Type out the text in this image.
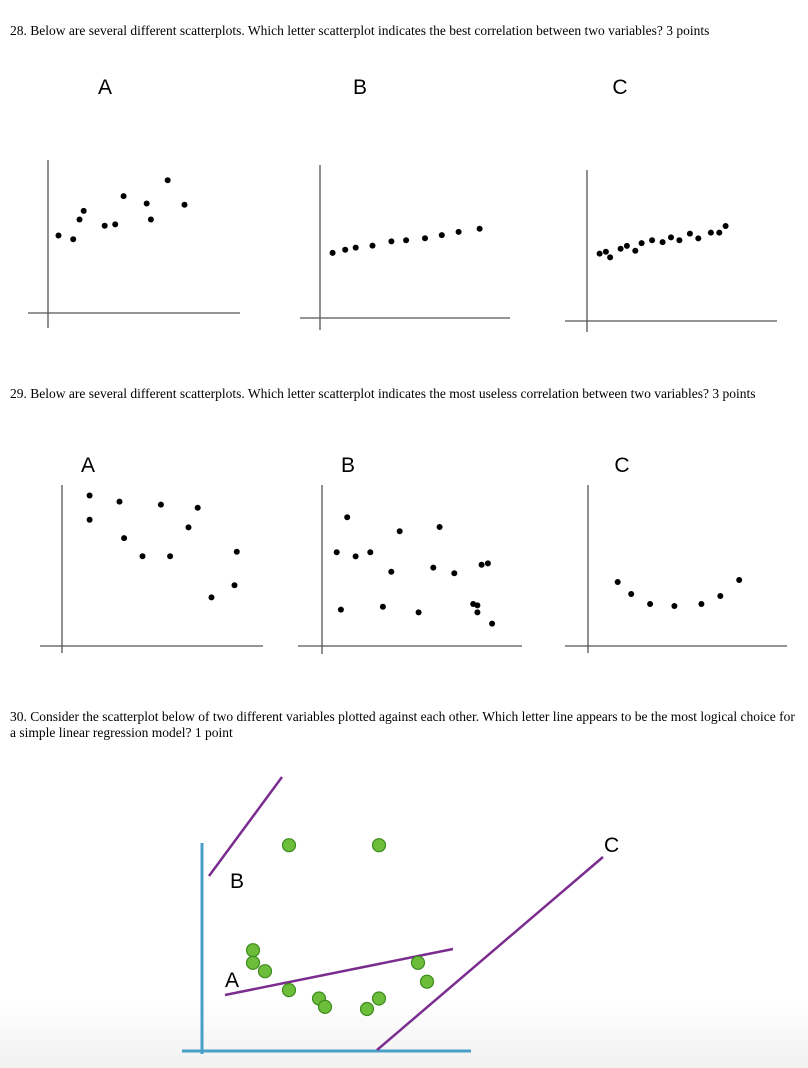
28. Below are several different scatterplots. Which letter scatterplot indicates the best correlation between two variables? 3 points
A	B	C
29. Below are several different scatterplots. Which letter scatterplot indicates the most useless correlation between two variables? 3 points
A	B	C
30. Consider the scatterplot below of two different variables plotted against each other. Which letter line appears to be the most logical choice for a simple linear regression model? 1 point
A
B
C
